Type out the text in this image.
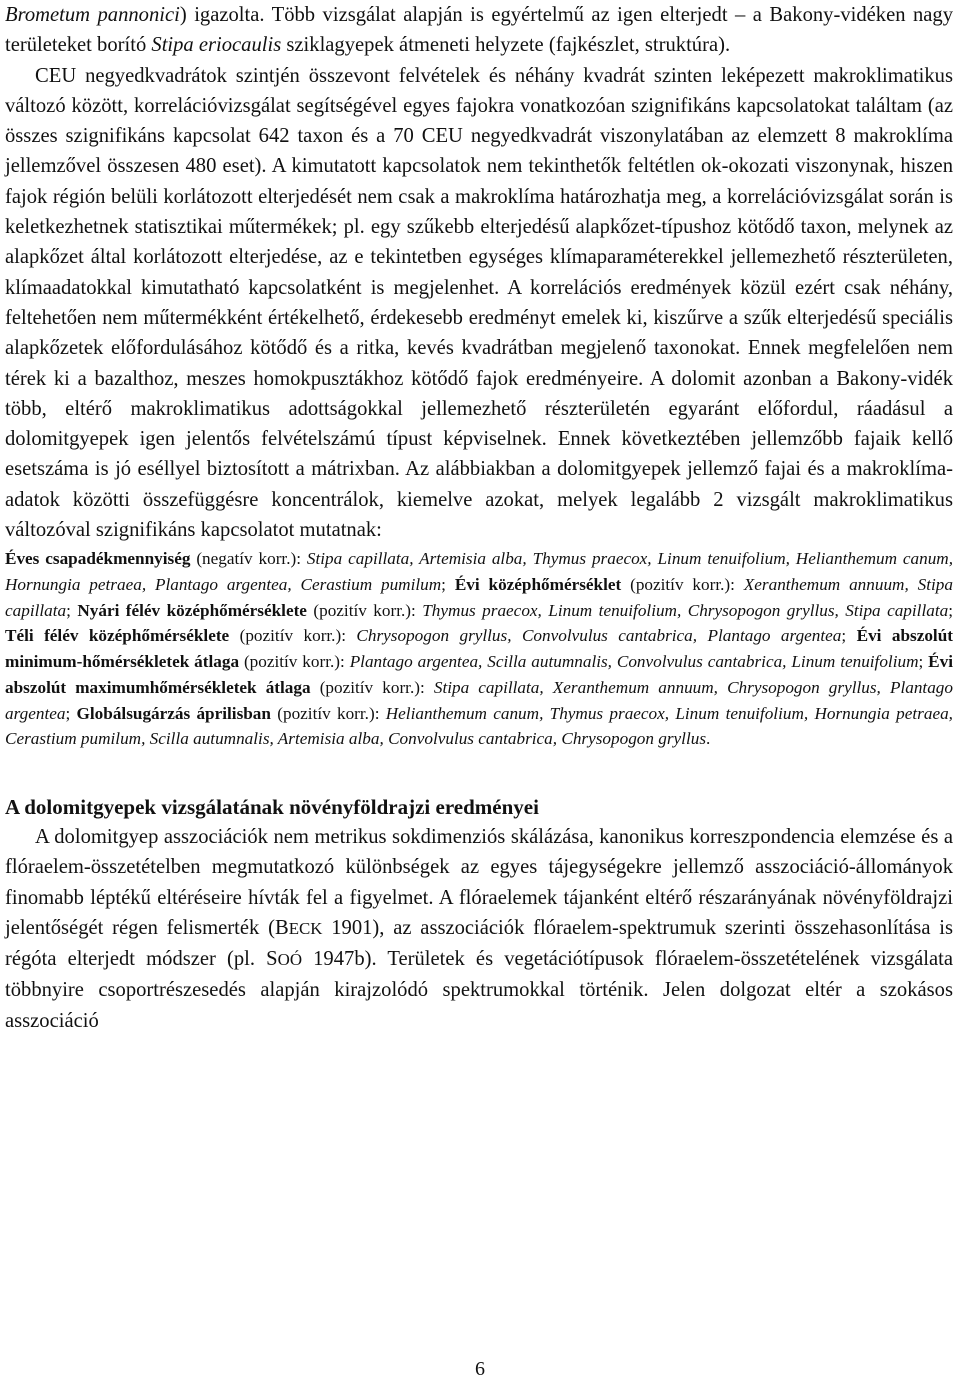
Brometum pannonici) igazolta. Több vizsgálat alapján is egyértelmű az igen elterjedt – a Bakony-vidéken nagy területeket borító Stipa eriocaulis sziklagyepek átmeneti helyzete (fajkészlet, struktúra).

CEU negyedkvadrátok szintjén összevont felvételek és néhány kvadrát szinten leképezett makroklimatikus változó között, korrelációvizsgálat segítségével egyes fajokra vonatkozóan szignifikáns kapcsolatokat találtam (az összes szignifikáns kapcsolat 642 taxon és a 70 CEU negyedkvadrát viszonylatában az elemzett 8 makroklíma jellemzővel összesen 480 eset). A kimutatott kapcsolatok nem tekinthetők feltétlen ok-okozati viszonynak, hiszen fajok régión belüli korlátozott elterjedését nem csak a makroklíma határozhatja meg, a korrelációvizsgálat során is keletkezhetnek statisztikai műtermékek; pl. egy szűkebb elterjedésű alapkőzet-típushoz kötődő taxon, melynek az alapkőzet által korlátozott elterjedése, az e tekintetben egységes klímaparaméterekkel jellemezhető részterületen, klímaadatokkal kimutatható kapcsolatként is megjelenhet. A korrelációs eredmények közül ezért csak néhány, feltehetően nem műtermékként értékelhető, érdekesebb eredményt emelek ki, kiszűrve a szűk elterjedésű speciális alapkőzetek előfordulásához kötődő és a ritka, kevés kvadrátban megjelenő taxonokat. Ennek megfelelően nem térek ki a bazalthoz, meszes homokpusztákhoz kötődő fajok eredményeire. A dolomit azonban a Bakony-vidék több, eltérő makroklimatikus adottságokkal jellemezhető részterületén egyaránt előfordul, ráadásul a dolomitgyepek igen jelentős felvételszámú típust képviselnek. Ennek következtében jellemzőbb fajaik kellő esetszáma is jó eséllyel biztosított a mátrixban. Az alábbiakban a dolomitgyepek jellemző fajai és a makroklíma-adatok közötti összefüggésre koncentrálok, kiemelve azokat, melyek legalább 2 vizsgált makroklimatikus változóval szignifikáns kapcsolatot mutatnak:

Éves csapadékmennyiség (negatív korr.): Stipa capillata, Artemisia alba, Thymus praecox, Linum tenuifolium, Helianthemum canum, Hornungia petraea, Plantago argentea, Cerastium pumilum; Évi középhőmérséklet (pozitív korr.): Xeranthemum annuum, Stipa capillata; Nyári félév középhőmérséklete (pozitív korr.): Thymus praecox, Linum tenuifolium, Chrysopogon gryllus, Stipa capillata; Téli félév középhőmérséklete (pozitív korr.): Chrysopogon gryllus, Convolvulus cantabrica, Plantago argentea; Évi abszolút minimum-hőmérsékletek átlaga (pozitív korr.): Plantago argentea, Scilla autumnalis, Convolvulus cantabrica, Linum tenuifolium; Évi abszolút maximumhőmérsékletek átlaga (pozitív korr.): Stipa capillata, Xeranthemum annuum, Chrysopogon gryllus, Plantago argentea; Globálsugárzás áprilisban (pozitív korr.): Helianthemum canum, Thymus praecox, Linum tenuifolium, Hornungia petraea, Cerastium pumilum, Scilla autumnalis, Artemisia alba, Convolvulus cantabrica, Chrysopogon gryllus.

A dolomitgyepek vizsgálatának növényföldrajzi eredményei

A dolomitgyep asszociációk nem metrikus sokdimenziós skálázása, kanonikus korreszpondencia elemzése és a flóraelem-összetételben megmutatkozó különbségek az egyes tájegységekre jellemző asszociáció-állományok finomabb léptékű eltéréseire hívták fel a figyelmet. A flóraelemek tájanként eltérő részarányának növényföldrajzi jelentőségét régen felismerték (BECK 1901), az asszociációk flóraelem-spektrumuk szerinti összehasonlítása is régóta elterjedt módszer (pl. SOÓ 1947b). Területek és vegetációtípusok flóraelem-összetételének vizsgálata többnyire csoportrészesedés alapján kirajzolódó spektrumokkal történik. Jelen dolgozat eltér a szokásos asszociáció

6
